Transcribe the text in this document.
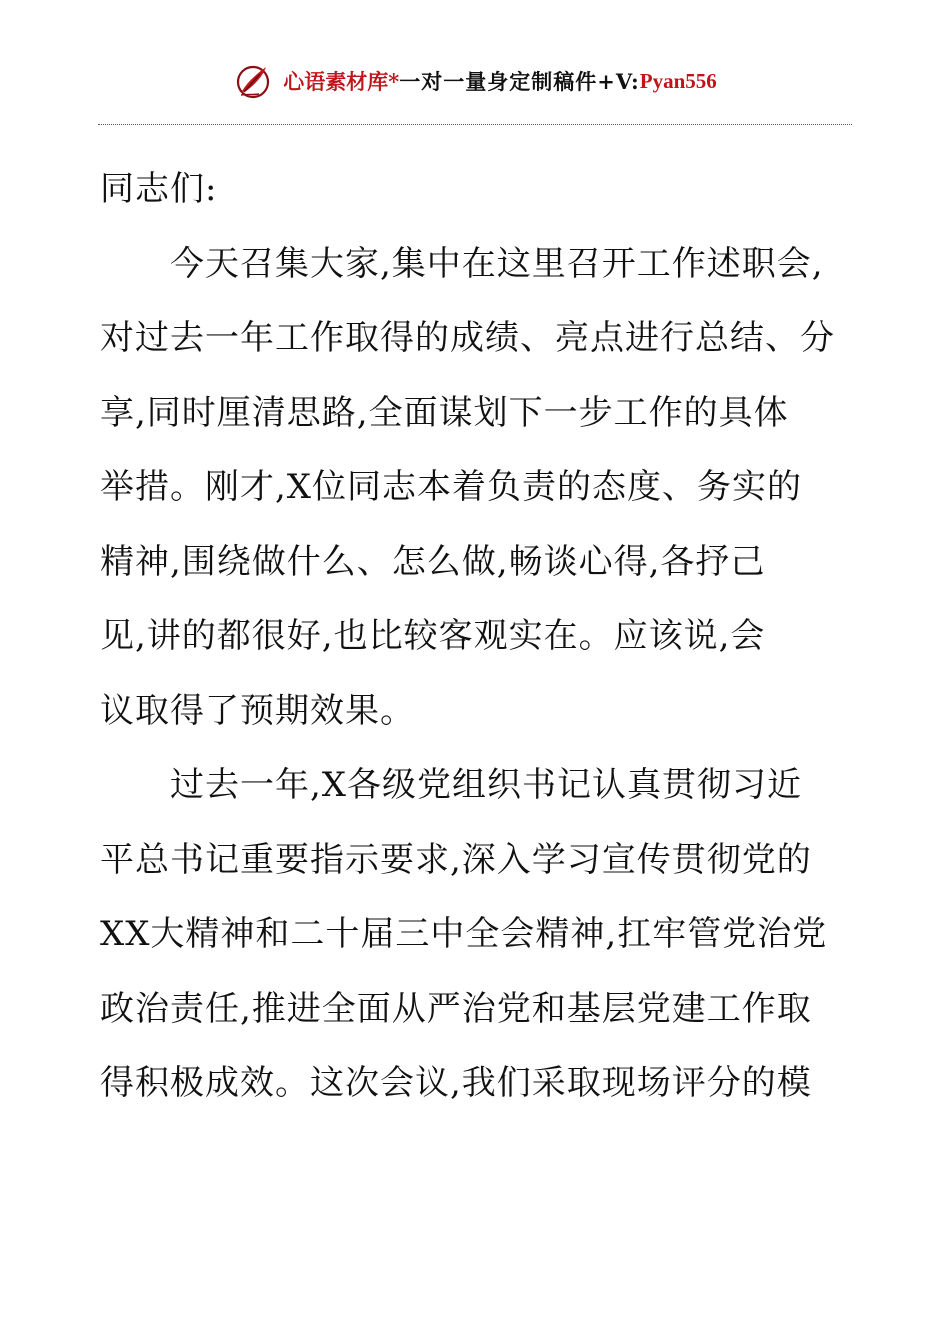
心语素材库* 一对一量身定制稿件+V: Pyan556
同志们:

今天召集大家,集中在这里召开工作述职会,
对过去一年工作取得的成绩、亮点进行总结、分
享,同时厘清思路,全面谋划下一步工作的具体
举措。刚才,X位同志本着负责的态度、务实的
精神,围绕做什么、怎么做,畅谈心得,各抒己
见,讲的都很好,也比较客观实在。应该说,会
议取得了预期效果。

过去一年,X各级党组织书记认真贯彻习近
平总书记重要指示要求,深入学习宣传贯彻党的
XX大精神和二十届三中全会精神,扛牢管党治党
政治责任,推进全面从严治党和基层党建工作取
得积极成效。这次会议,我们采取现场评分的模
